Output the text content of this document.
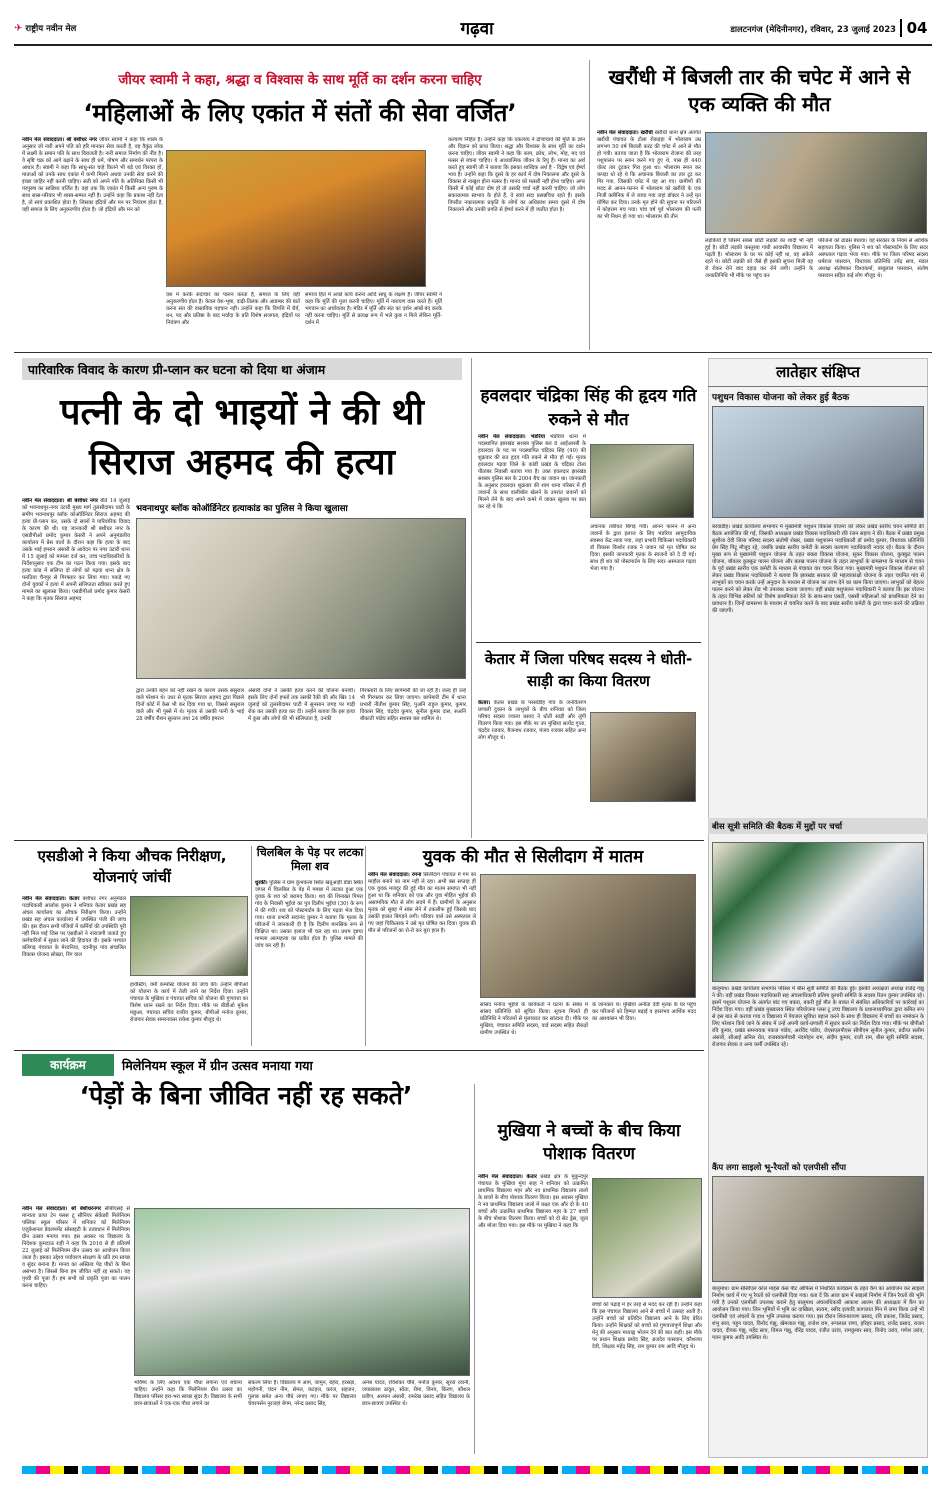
✈ राष्ट्रीय नवीन मेल	गढ़वा	डालटनगंज (मेदिनीनगर), रविवार, 23 जुलाई 2023 04
जीयर स्वामी ने कहा, श्रद्धा व विश्वास के साथ मूर्ति का दर्शन करना चाहिए
‘महिलाओं के लिए एकांत में संतों की सेवा वर्जित’
नवीन मेल संवाददाता। श्री बंशीधर नगर जीयर स्वामी ने कहा कि शास्त्र के अनुसार जो नारी अपने पति को हरि मानकर सेवा करती है, वह वैकुंठ लोक में लक्ष्मी के समान पति के साथ विराजती है। नारी समाज निर्माण की नींव है। वे सृष्टि चक्र को आगे बढ़ाने के साथ ही धर्म, पोषण और सम्वर्धन परंपरा के आधार हैं। स्वामी ने कहा कि साधु-संत चाहे कितने भी बड़े एवं विरक्त हों, माताओं को उनके साथ एकांत में कभी मिलने अथवा उनकी सेवा करने की इच्छा जाहिर नहीं करनी चाहिए। सती को अपने पति के अतिरिक्त किसी भी परपुरुष का सान्निध्य वर्जित है। वहां तक कि एकांत में किसी अन्य पुरुष के साथ सास-परिवार भी शास्त्र-सम्मत नहीं है। उन्होंने कहा कि प्रकाश नहीं देता है, तो स्वयं प्रकाशित होता है। जिसका इंद्रियों और मन पर नियंत्रण होता है, वही समाज के लिए अनुकरणीय होता है। जो इंद्रियों और मन को
वश में करके सदाचार का पालन करता है, समाज के लिए वही अनुकरणीय होता है। केवल वेश-भूषा, दाढ़ी-तिलक और आडम्बर की बातें करना संत की वास्तविक पहचान नहीं। उन्होंने कहा कि विपत्ति में धैर्य, धन, पद और प्रतिष्ठा के बाद मर्यादा के प्रति विशेष सजगता, इंद्रियों पर नियंत्रण और
समाज हित में अच्छे कार्य करना आदि साधु के लक्षण हैं। जीयर स्वामी ने कहा कि मूर्ति की पूजा करनी चाहिए। मूर्ति में नारायण वास करते हैं। मूर्ति भगवान का अर्चावतार है। मंदिर में मूर्ति और संत का दर्शन आंखें बंद करके नहीं करना चाहिए। मूर्ति से प्रत्यक्ष रूप में भले कुछ न मिले लेकिन मूर्ति-दर्शन में
कल्याण निहित है। उन्होंने कहा कि एकलव्य ने द्रोणाचार्य की मूर्ति के ज्ञान और विज्ञान को प्राप्त किया। श्रद्धा और विश्वास के साथ मूर्ति का दर्शन करना चाहिए। जीयर स्वामी ने कहा कि काम, क्रोध, लोभ, मोह, मद एवं मत्सर से बचना चाहिए। ये आध्यात्मिक जीवन के रिपु हैं। मानव का अर्थ करते हुए स्वामी जी ने बताया कि इसका शाब्दिक अर्थ है - विद्वेष एवं ईर्ष्या भाव है। उन्होंने कहा कि दूसरे के हर कार्य में दोष निकालना और दूसरे के विकास से नाखुश होना मत्सर है। मानव को मत्सरी नहीं होना चाहिए। अगर किसी में कोई छोटा दोष हो तो उसकी चर्चा नहीं करनी चाहिए। जो लोग सकारात्मक स्वभाव के होते हैं, वे स्वयं सदा प्रसन्नचित्त रहते हैं। इसके विपरीत नकारात्मक प्रकृति के लोगों का अधिकांश समय दूसरे में दोष निकालने और उनकी प्रगति से ईर्ष्या करने में ही व्यतीत होता है।
खरौंधी में बिजली तार की चपेट में आने से एक व्यक्ति की मौत
नवीन मेल संवाददाता। खरौंधी खरौंधी थाना क्षेत्र अंतर्गत खरौंधी पंचायत के टोला रोकड़हा में भोलाराम उम्र लगभग 50 वर्ष बिजली करंट की चपेट में आने से मौत हो गयी। बताया जाता है कि भोलाराम रोजाना की तरह पशुपालन पर स्नान करने गए हुए थे, पास ही 440 वोल्ट तार टूटकर गिरा हुआ था। भोलाराम स्नान कर कपड़ा धो रहे थे कि अचानक बिजली का तार टूट कर गिर गया, जिसकी चपेट में वह आ गए। ग्रामीणों की मदद से आनन-फानन में भोलाराम को खरौंधी के एक निजी क्लीनिक में ले जाया गया जहां डॉक्टर ने उन्हें मृत घोषित कर दिया। उनके मृत होने की सूचना पर परिजनों में कोहराम मच गया। पांच वर्ष पूर्व भोलाराम की पत्नी का भी निधन हो गया था। भोलाराम की तीन
लड़कियों हैं जिसमें सबसे छोटी लड़की का शादी भी नहीं हुई है। छोटी लड़की कस्तूरबा गांधी आवासीय विद्यालय में पढ़ती है। भोलाराम के घर पर कोई नहीं था, वह अकेले रहते थे। छोटी लड़की को जैसे ही इसकी सूचना मिली वह रो रोकर रोने बाद दहाड़ कर रोने लगी। उन्होंने के जनप्रतिनिधि भी मौके पर पहुंच कर
परिजनों को ढांढस बंधाया। वह सरकार के नियम से आर्थिक सहायता किया। पुलिस ने शव को पोस्टमार्टम के लिए सदर अस्पताल गढ़वा भेजा गया। मौके पर जिला परिषद सदस्य धर्मराज पासवान, विधायक प्रतिनिधि उपेंद्र साव, मंडल अध्यक्ष संतोषकर विश्वकर्मा, बाबूलाल पासवान, संतोष पासवान सहित कई लोग मौजूद थे।
पारिवारिक विवाद के कारण प्री-प्लान कर घटना को दिया था अंजाम
पत्नी के दो भाइयों ने की थी सिराज अहमद की हत्या
नवीन मेल संवाददाता। श्री बंशीधर नगर बीते 14 जुलाई को भवनाथपुर-नगर उंटारी मुख्य मार्ग तुलसीदामर घाटी के समीप भवनाथपुर ब्लॉक कोऑर्डिनेटर सिराज अहमद की हत्या प्री-प्लान कर, उसके दो सालों ने पारिवारिक विवाद के कारण की थी। यह जानकारी श्री बंशीधर नगर के एसडीपीओ प्रमोद कुमार केसरी ने अपने अनुमंडलीय कार्यालय में प्रेस वार्ता के दौरान कहा कि हत्या के बाद उसके भाई इमरान अंसारी के आवेदन पर नगर उंटारी थाना में 15 जुलाई को मामला दर्ज कर, उच्च पदाधिकारियों के निर्देशानुसार एक टीम का गठन किया गया। इसके बाद हत्या कांड में संलिप्त दो लोगों को गढ़वा थाना क्षेत्र के फरठिया चैनपुर से गिरफ्तार कर लिया गया। पकड़े गए दोनों युवकों ने हत्या में अपनी संलिप्तता स्वीकार करते हुए मामले का खुलासा किया। एसडीपीओ प्रमोद कुमार केसरी ने कहा कि मृतक सिराज अहमद
भवनाथपुर ब्लॉक कोऑर्डिनेटर हत्याकांड का पुलिस ने किया खुलासा
द्वारा उनकी बहन को नहीं रखने के कारण उसके ससुराल वाले परेशान थे। उधर से मृतक सिराज अहमद द्वारा पिछले दिनों कोर्ट में केस भी कर दिया गया था, जिससे ससुराल वाले और भी गुस्से में थे। मृतक से उसकी पत्नी के भाई 28 वर्षीय रौशन सुल्तान तथा 24 वर्षीय इमरान
अंसारी दोनों ने उसकी हत्या करने की योजना बनायी। इसके लिए दोनों हफ्तों तक उसकी रैकी की और खिर 14 जुलाई को तुलसीदामर घाटी में सुनसान जगह पर गाड़ी रोक कर उसकी हत्या कर दी। उन्होंने बताया कि इस हत्या में कुछ और लोगों की भी संलिप्तता है, उनकी
गिरफ्तारी के लिए छापेमारी की जा रही है। जल्द ही उन्हें भी गिरफ्तार कर लिया जाएगा। छापेमारी टीम में थाना प्रभारी नीतीश कुमार सिंह, पुअनि राहुल कुमार, कुमार विकास सिंह, चंद्रदेव कुमार, सुनील कुमार दास, सअनि बौकाती पांडेय सहित सशस्त्र बल शामिल थे।
हवलदार चंद्रिका सिंह की हृदय गति रुकने से मौत
नवीन मेल संवाददाता। भंडरिया भंडरिया थाना में पदस्थापित झारखंड सशस्त्र पुलिस बल 8 आईआरबी के हवलदार के पद पर पदस्थापित चंद्रिका सिंह (40) की शुक्रवार की रात हृदय गति रुकने से मौत हो गई। मृतक हवलदार गढ़वा जिले के कांडी प्रखंड के चंद्रिका टोला पीतांबर निवासी बताया गया है। उक्त हवलदार झारखंड सशस्त्र पुलिस बल के 2004 बैच का जवान था। जानकारी के अनुसार हवलदार शुक्रवार की शाम थाना परिसर में ही जवानों के साथ वालीबॉल खेलने के उपरांत जवानों को मिलने लेने के बाद अपने कमरे में जाकर खुल्ला पर बात कर रहे थे कि
अचानक तबीयत बिगड़ गयी। आनन फानन में अन्य जवानों के द्वारा इलाज के लिए भंडरिया सामुदायिक स्वास्थ्य केंद्र लाया गया, जहां प्रभारी चिकित्सा पदाधिकारी डॉ विकास किशोर रजक ने जवान को मृत घोषित कर दिया। इसकी जानकारी मृतक के स्वजनों को दे दी गई। साथ ही शव को पोस्टमार्टम के लिए सदर अस्पताल गढ़वा भेजा गया है।
केतार में जिला परिषद सदस्य ने धोती-साड़ी का किया वितरण
केतार। केतार प्रखंड के परसोडीह गांव के जनवितरण प्रणाली दुकान के लाभुकों के बीच शनिवार को जिला परिषद सदस्य ज्वाला प्रसाद ने धोती साड़ी और लुंगी वितरण किया गया। इस मौके पर उप मुखिया सत्येंद्र गुप्ता, चंद्रदेव रजवार, बैजनाथ रजवार, मंजय रजवार सहित अन्य लोग मौजूद थे।
लातेहार संक्षिप्त
पशुधन विकास योजना को लेकर हुई बैठक
बरवाडीह। प्रखंड कार्यालय सभागार में मुख्यमंत्री पशुधन विकास योजना को लेकर प्रखंड स्तरीय चयन समिति की बैठक आयोजित की गई, जिसकी अध्यक्षता प्रखंड विकास पदाधिकारी रवि रंजन सहाय ने की। बैठक में प्रखंड प्रमुख सुशीला देवी जिला परिषद सदस्य संतोषी शेखर, प्रखंड पशुपालन पदाधिकारी डॉ प्रमोद कुमार, विधायक प्रतिनिधि प्रेम सिंह पिंटू मौजूद रहे, जबकि प्रखंड स्तरीय कमेटी के सदस्य कल्याण पदाधिकारी नवदर रहे। बैठक के दौरान मुख्य रूप से मुख्यमंत्री पशुधन योजना के तहत बकरा विकास योजना, सूकर विकास योजना, कुक्कुट पालन योजना, बॉयलर कुक्कुट पालन योजना और बतख पालन योजना के तहत लाभुकों के ग्रामसभा के माध्यम से चयन के पूर्व प्रखंड स्तरीय एक कमेटी के माध्यम से पंचायत वार चयन किया गया। मुख्यमंत्री पशुधन विकास योजना को लेकर प्रखंड विकास पदाधिकारी ने बताया कि झारखंड सरकार की महत्वाकांक्षी योजना के तहत चयनित गांव से लाभुकों का चयन करके उन्हें अनुदान के माध्यम से योजना का लाभ देने का काम किया जाएगा। लाभुकों को बेहतर पालन करने को लेकर रोड भी उपलब्ध कराया जाएगा। वहीं प्रखंड पशुपालन पदाधिकारी ने बताया कि इस योजना के तहत विभिन्न स्कीमों को विशेष प्राथमिकता देने के साथ-साथ एसटी, एससी महिलाओं को प्राथमिकता देने का प्रावधान है। जिन्हें ग्रामसभा के माध्यम से चयनित करने के बाद प्रखंड स्तरीय कमेटी के द्वारा चयन करने की प्रक्रिया की जाएगी।
बीस सूत्री समिति की बैठक में मुद्दों पर चर्चा
बालूमाथ। प्रखंड कार्यालय सभागार परिसर में बीस सूत्री समिति की बैठक हुई। इसकी अध्यक्षता अध्यक्ष राजेंद्र गंझू ने की। वहीं प्रखंड विकास पदाधिकारी सह अंचलाधिकारी प्रतिमा कुमारी समिति के सदस्य रितन कुमार उपस्थित रहे। इसमें पशुधन योजना के अंतर्गत बांट गए बकरा, बकरी हुई मौत के बाबत में संबंधित अधिकारियों पर कार्रवाई का निर्देश दिया गया। वहीं प्रखंड मुख्यालय स्थित परियोजना प्लस टू उच्च विद्यालय के प्रधानाध्यापिका द्वारा कमित रूप से इस बात से कराया गया व विद्यालय में पेयजल सुविधा बहाल करने के साथ ही विद्यालय में बच्चों का नामांकन के लिए परेशान किये जाने के संबंध में उन्हें अपनी कार्य-प्रणाली में सुधार करने का निर्देश दिया गया। मौके पर बीपीओ रवि कुमार, प्रखंड समन्वयक पंकज पांडेय, अरविंद पांडेय, जेएसएलपीएस सीपीएम सुनील कुमार, प्रदीप्त सलीम अंसारी, सीआई अनिल राेत, राजस्वकर्मचारी नंदमोहन राम, संदीप कुमार, राजी राम, बीस सूत्री समिति सदस्य, रोजगार सेवक व अन्य कर्मी उपस्थित रहे।
कैंप लगा साइलो भू-रैयतों को एलपीसी सौंपा
बालूमाथ। ग्राम सीसीएल कोल माइंस केस पीट ऑफिस में निर्धारित कार्यक्रम के तहत कैंप का आयोजन कर साइलो निर्माण कार्य में गए भू रैयतों को एलपीसी दिया गया। बता दें कि आज ग्राम में साइलो निर्माण में जिन रैयतों की भूमि गयी है उनको एलपीसी उपलब्ध कराने हेतु बालूमाथ अंचलाधिकारी आकाश आलम की अध्यक्षता में कैंप का आयोजन किया गया। जिन भूमियों में भूमि का दाखिला, सत्यम, रसीद इत्यादि कागजात मिन में जमा किया उन्हें भी एलपीसी एवं अंचलों के हाथ भूमि उपलब्ध कराया गया। इस दौरान शिवनारायण प्रसाद, रवि प्रकाश, जितेंद्र प्रसाद, शंभु साव, पहुन यादव, विनोद गंझू, खेमलाल गंझू, राजेश राम, रूपलाल राणा, हरिहर प्रसाद, राजेंद्र प्रसाद, राजन यादव, दीपक गंझू, महेंद्र साव, विमल गंझू, वीरेंद्र यादव, रंजीत उरांव, रामकुमार साव, विनोद उरांव, गणेश उरांव, पवन कुमार आदि उपस्थित थे।
एसडीओ ने किया औचक निरीक्षण, योजनाएं जांचीं
नवीन मेल संवाददाता। केतार बंशीधर नगर अनुमंडल पदाधिकारी आलोक कुमार ने शनिवार केतार प्रखंड सह अंचल कार्यालय का औचक निरीक्षण किया। उन्होंने प्रखंड सह अंचल कार्यालय में उपस्थित पंजी की जांच की। इस दौरान सभी पंजियों में कर्मियों की उपस्थिति पूरी नहीं मिल पाई जिस पर एसडीओ ने नाराजगी जताते हुए कर्मचारियों में सुधार लाने की हिदायत दी। इसके पश्चात बलिगढ़ पंचायत के मेरवनिया, दवनीपुर गांव संचालित विकास योजना सोख्ता, रिंग वाल
हार्वेस्टिंग, वर्मी कम्पोस्ट योजना की जांच की। उन्होंने बीपीओ को योजना के कार्य में तेजी लाने का निर्देश दिया। उन्होंने पंचायत के मुखिया व पंचायत सचिव को योजना की गुणवत्ता का विशेष ध्यान रखने का निर्देश दिया। मौके पर बीडीओ मुकेश मछुआ, पंचायत सचिव राजीव कुमार, बीपीओ मनोज कुमार, रोजगार सेवक समरनवत्स राकेश कुमार मौजूद थे।
चिलबिल के पेड़ पर लटका मिला शव
धुरकी। पुलिस ने ग्राम कुंभकला स्थित खतुआही डोंडा स्थित जंगल में चिलबिल के पेड़ में गमछा में लटका हुआ एक युवक के शव को बरामद किया। शव की शिनाख्त पिपरा गांव के निवासी भूईयां का पुत्र दिलीप भुईयां (30) के रूप में की गयी। शव को पोस्टमार्टम के लिए गढ़वा भेज दिया गया। थाना प्रभारी सदानंद कुमार ने बताया कि मृतक के परिजनों ने जानकारी दी है कि दिलीप मानसिक रूप से विक्षिप्त था। उसका इलाज भी चल रहा था। प्रथम दृष्टया मामला आत्महत्या का प्रतीत होता है। पुलिस मामले की जांच कर रही है।
युवक की मौत से सिलीदाग में मातम
नवीन मेल संवाददाता। रमना सिलीदाग पंचायत में गम का माहौल बनाने का नाम नहीं ले रहा। अभी बस सप्ताह ही एक युवक मजदूर की हुई मौत का मातम समाप्त भी नहीं हुआ था कि शनिवार को एक और युवा मोहित भुईयां की असामयिक मौत से लोग सदमे में हैं। ग्रामीणों के अनुसार मृतक को सुबह में सांस लेने में तकलीफ हुई जिसके बाद उसकी हालत बिगड़ने लगी। परिवार वाले उसे अस्पताल ले गए जहां चिकित्सक ने उसे मृत घोषित कर दिया। युवक की मौत से परिजनों का रो-रो कर बुरा हाल है।
सांसद मनोज भुईयां के कार्यकर्ता ने घटना के संबंध में सांसद प्रतिनिधि को सूचित किया। सूचना मिलते ही प्रतिनिधि ने परिजनों से मुलाकात कर सांत्वना दी। मौके पर मुखिया, पंचायत समिति सदस्य, वार्ड सदस्य सहित सैकड़ों ग्रामीण उपस्थित थे।
के जानकार थे। मुखिया अनीता देवी मृतक के घर पहुंच कर परिजनों को हिम्मत बढ़ाई व हरसंभव आर्थिक मदद का आश्वासन भी दिया।
कार्यक्रम	मिलेनियम स्कूल में ग्रीन उत्सव मनाया गया
‘पेड़ों के बिना जीवित नहीं रह सकते’
नवीन मेल संवाददाता। श्री बंशीधरनगर सीबीएसई से मान्यता प्राप्त टेन फ्लस टू सीनियर सेकेंडरी मिलेनियम पब्लिक स्कूल परिसर में शनिवार को मिलेनियम एजुकेशनल डेवलपमेंट सोसाइटी के तत्वाधान में मिलेनियम ग्रीन उत्सव मनाया गया। इस अवसर पर विद्यालय के निदेशक कुमदाऊ राही ने कहा कि 2016 से ही प्रतिवर्ष 22 जुलाई को मिलेनियम ग्रीन उत्सव का आयोजन किया जाता है। इसका उद्देश्य पर्यावरण संरक्षण के प्रति हम स्वच्छ व सुंदर बनाना है। मानव का अस्तित्व पेड़ पौधों के बिना असंभव है। जिससे बिना हम जीवित नहीं रह सकते। यह पृथ्वी की पूजा हैं। हम सभी को प्रकृति पूजा का पालन करना चाहिए।
भविष्य के लिए अवश्य एक पौधा लगाना एवं बचाना चाहिए। उन्होंने कहा कि मिलेनियम ग्रीन उत्सव का विद्यालय परिसर हरा-भरा स्वच्छ सुंदर है। विद्यालय के सभी छात्र-छात्राओं ने एक-एक पौधा लगाने का
संकल्प लिया है। विद्यालय में आम, जामुन, बहेरा, हरसड़ा, महोगनी, चंदन नीम, सेमल, कटहल, करंज, सहजन, गुलाब समेत अन्य पौधे लगाए गए। मौके पर विद्यालय चेयरपर्सन नूरजहां बेगम, नरेन्द्र प्रसाद सिंह,
अनेश यादव, रविशंकर चौबे, मनोज कुमार, सूरज रवानी, जयप्रकाश ठाकुर, स्वेता, रीमा, विनय, किरण, कौशल प्रवीण, अरमान अंसारी, रामरेख प्रसाद सहित विद्यालय के छात्र-छात्राएं उपस्थित थे।
मुखिया ने बच्चों के बीच किया पोशाक वितरण
नवीन मेल संवाददाता। केतार प्रखंड क्षेत्र के मुकुन्दपुर पंचायत के मुखिया मुंगा साह ने शनिवार को उत्क्रमित प्राथमिक विद्यालय महर और नव प्राथमिक विद्यालय तालो के छात्रों के बीच पोशाक वितरण किया। इस अवसर मुखिया ने नव प्राथमिक विद्यालय तालो में कक्षा एक और दो के 40 बच्चों और उत्क्रमित प्राथमिक विद्यालय महर के 27 बच्चों के बीच पोशाक वितरण किया। बच्चों को दो सेट ड्रेस, जूता और मोजा दिया गया। इस मौके पर मुखिया ने कहा कि
बच्चों को पढ़ाई में हर तरह से मदद कर रही है। उन्होंने कहा कि इस पंचायत विद्यालय आने से बच्चों में उत्साह आती है। उन्होंने बच्चों को प्रतिदिन विद्यालय आने के लिए प्रेरित किया। उन्होंने शिक्षकों को बच्चों को गुणवत्तापूर्ण शिक्षा और मेनू की अनुसार मध्याह्न भोजन देने की बात कही। इस मौके पर प्रधान शिक्षक प्रमोद सिंह, ब्रजदेव पासवान, कौशल्या देवी, शिक्षक महेंद्र सिंह, राम कुमार राम आदि मौजूद थे।
